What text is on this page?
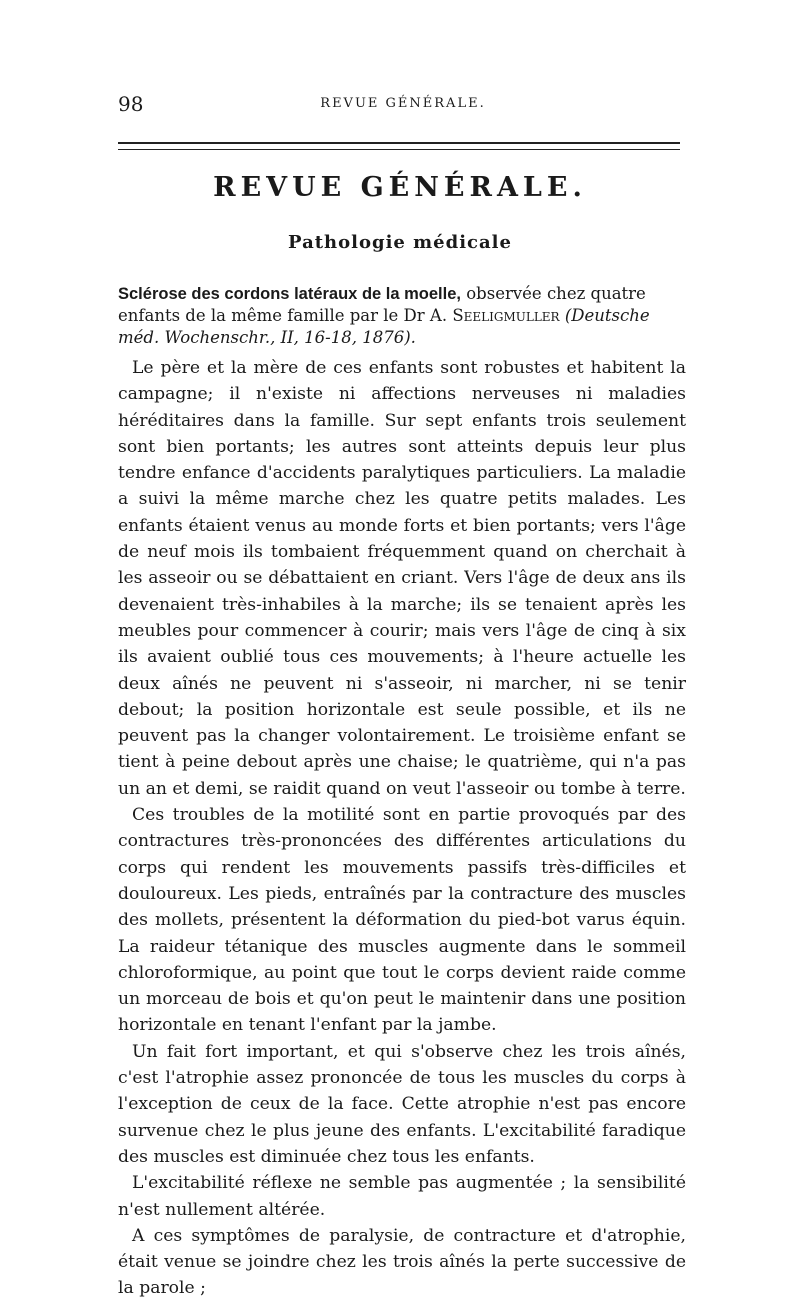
98	REVUE GÉNÉRALE.
REVUE GÉNÉRALE.
Pathologie médicale
Sclérose des cordons latéraux de la moelle, observée chez quatre enfants de la même famille par le Dr A. Seeligmuller (Deutsche méd. Wochenschr., II, 16-18, 1876).

Le père et la mère de ces enfants sont robustes et habitent la campagne; il n'existe ni affections nerveuses ni maladies héréditaires dans la famille. Sur sept enfants trois seulement sont bien portants; les autres sont atteints depuis leur plus tendre enfance d'accidents paralytiques particuliers. La maladie a suivi la même marche chez les quatre petits malades. Les enfants étaient venus au monde forts et bien portants; vers l'âge de neuf mois ils tombaient fréquemment quand on cherchait à les asseoir ou se débattaient en criant. Vers l'âge de deux ans ils devenaient très-inhabiles à la marche; ils se tenaient après les meubles pour commencer à courir; mais vers l'âge de cinq à six ils avaient oublié tous ces mouvements; à l'heure actuelle les deux aînés ne peuvent ni s'asseoir, ni marcher, ni se tenir debout; la position horizontale est seule possible, et ils ne peuvent pas la changer volontairement. Le troisième enfant se tient à peine debout après une chaise; le quatrième, qui n'a pas un an et demi, se raidit quand on veut l'asseoir ou tombe à terre.

Ces troubles de la motilité sont en partie provoqués par des contractures très-prononcées des différentes articulations du corps qui rendent les mouvements passifs très-difficiles et douloureux. Les pieds, entraînés par la contracture des muscles des mollets, présentent la déformation du pied-bot varus équin. La raideur tétanique des muscles augmente dans le sommeil chloroformique, au point que tout le corps devient raide comme un morceau de bois et qu'on peut le maintenir dans une position horizontale en tenant l'enfant par la jambe.

Un fait fort important, et qui s'observe chez les trois aînés, c'est l'atrophie assez prononcée de tous les muscles du corps à l'exception de ceux de la face. Cette atrophie n'est pas encore survenue chez le plus jeune des enfants. L'excitabilité faradique des muscles est diminuée chez tous les enfants.

L'excitabilité réflexe ne semble pas augmentée ; la sensibilité n'est nullement altérée.

A ces symptômes de paralysie, de contracture et d'atrophie, était venue se joindre chez les trois aînés la perte successive de la parole ;
